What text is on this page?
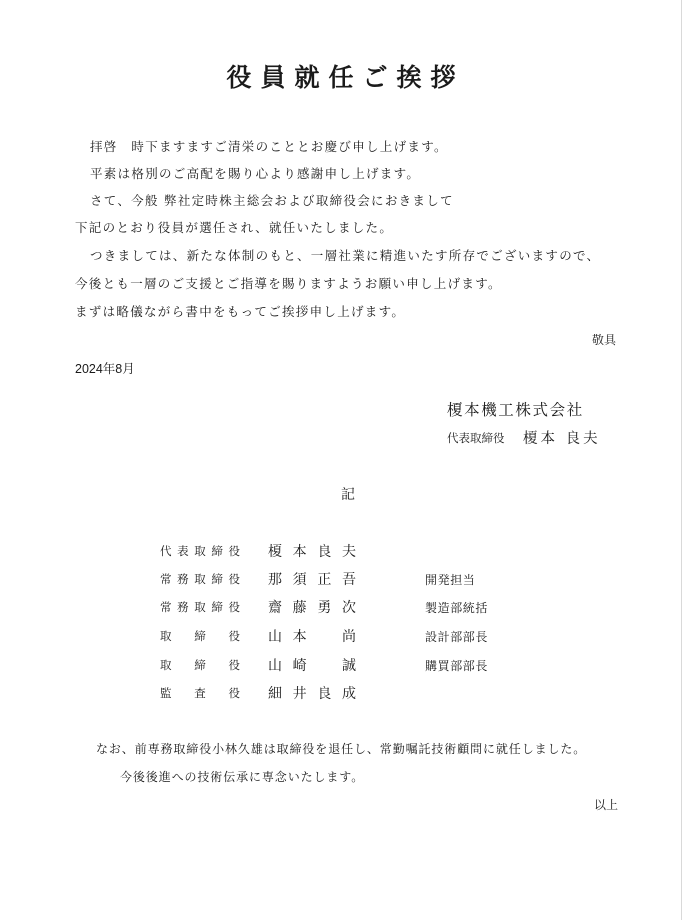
役員就任ご挨拶

拝啓　時下ますますご清栄のこととお慶び申し上げます。

平素は格別のご高配を賜り心より感謝申し上げます。

さて、今般 弊社定時株主総会および取締役会におきまして

下記のとおり役員が選任され、就任いたしました。

つきましては、新たな体制のもと、一層社業に精進いたす所存でございますので、

今後とも一層のご支援とご指導を賜りますようお願い申し上げます。

まずは略儀ながら書中をもってご挨拶申し上げます。

敬具
2024年8月
榎本機工株式会社
代表取締役 榎本 良夫
記
代表取締役 榎本良夫
常務取締役 那須正吾	開発担当
常務取締役 齋藤勇次	製造部統括
取締役 山本　尚	設計部部長
取締役 山崎　誠	購買部部長
監査役 細井良成

なお、前専務取締役小林久雄は取締役を退任し、常勤嘱託技術顧問に就任しました。

今後後進への技術伝承に専念いたします。

以上
